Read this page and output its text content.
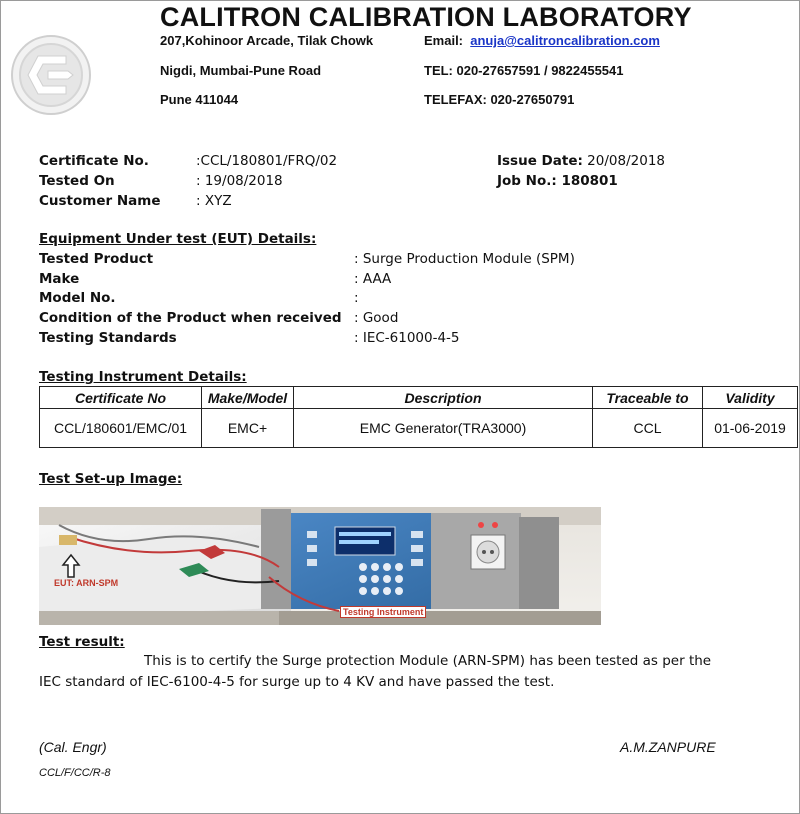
CALITRON CALIBRATION LABORATORY
207,Kohinoor Arcade, Tilak Chowk
Nigdi, Mumbai-Pune Road
Pune 411044
Email: anuja@calitroncalibration.com
TEL: 020-27657591 / 9822455541
TELEFAX: 020-27650791
Certificate No.	:CCL/180801/FRQ/02
Tested On	: 19/08/2018
Customer Name	: XYZ
Issue Date: 20/08/2018
Job No.: 180801
Equipment Under test (EUT) Details:
Tested Product	: Surge Production Module (SPM)
Make	: AAA
Model No.	:
Condition of the Product when received : Good
Testing Standards	: IEC-61000-4-5
Testing Instrument Details:
Certificate No	Make/Model	Description	Traceable to	Validity
CCL/180601/EMC/01	EMC+	EMC Generator(TRA3000)	CCL	01-06-2019
Test Set-up Image:
EUT: ARN-SPM
Testing Instrument
Test result:
This is to certify the Surge protection Module (ARN-SPM) has been tested as per the
IEC standard of IEC-6100-4-5 for surge up to 4 KV and have passed the test.
(Cal. Engr)	A.M.ZANPURE
CCL/F/CC/R-8
